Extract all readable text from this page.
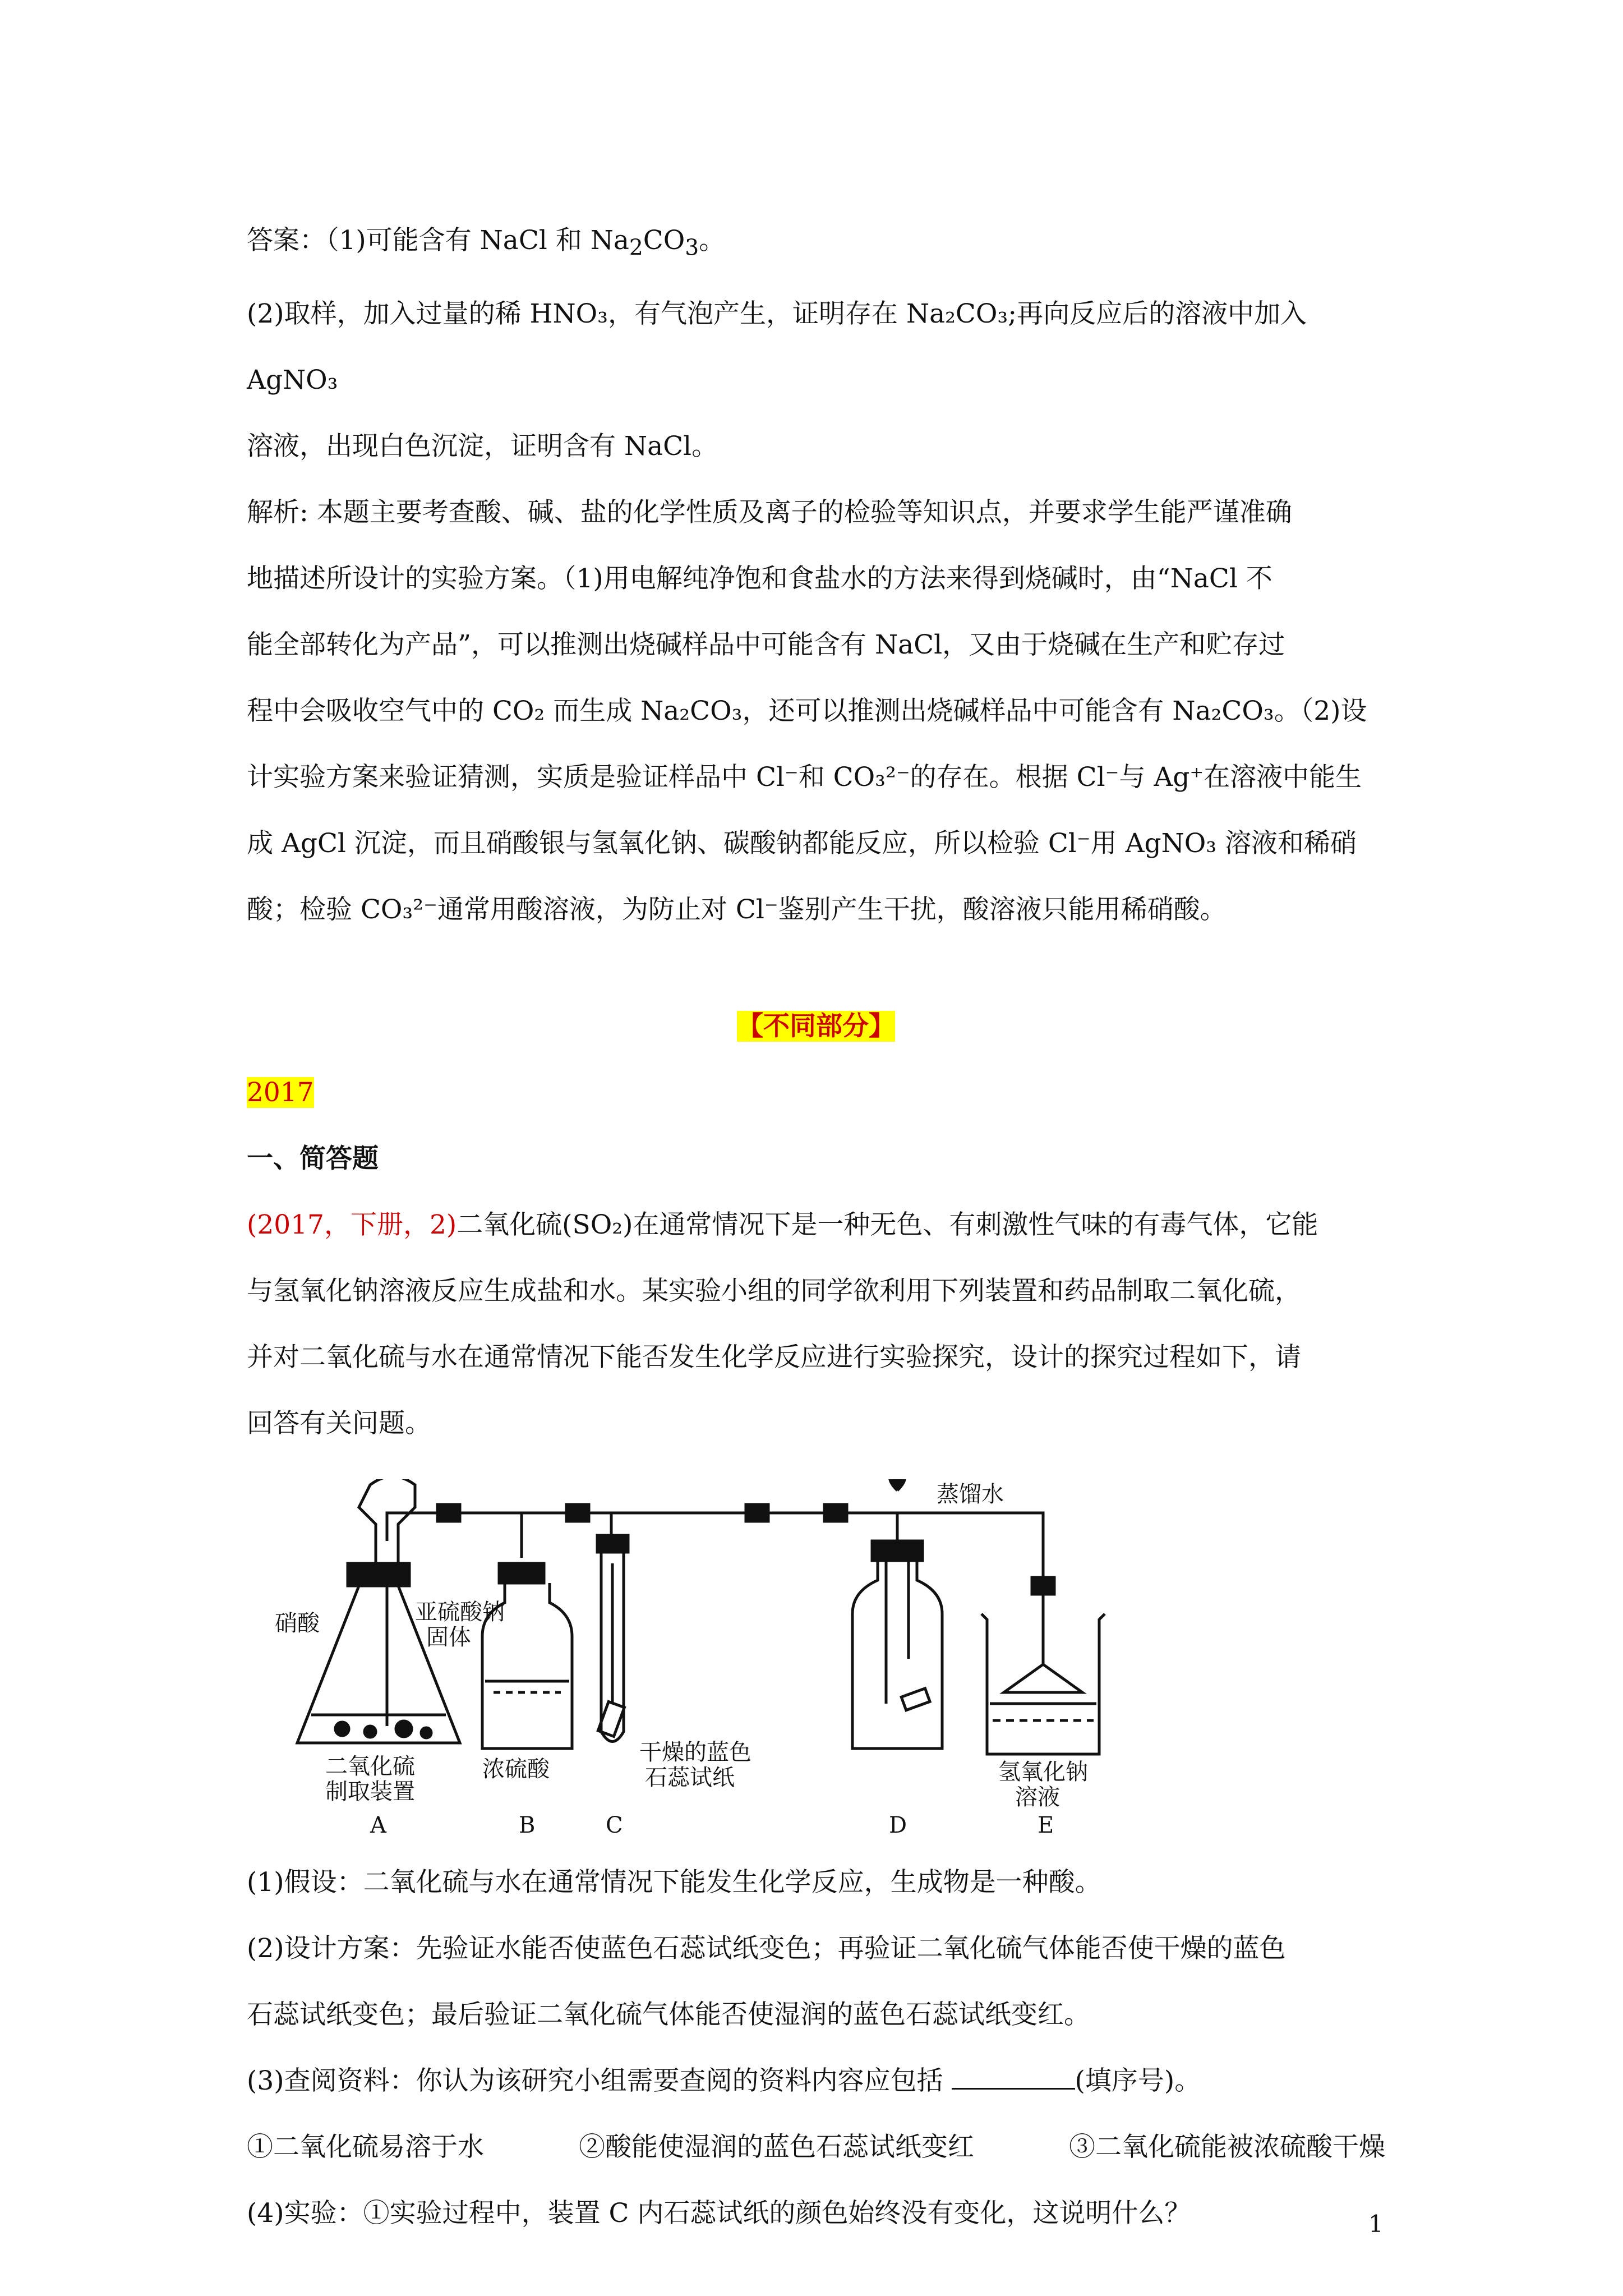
答案：（1)可能含有 NaCl 和 $Na_2CO_3$。

(2)取样，加入过量的稀 HNO₃，有气泡产生，证明存在 Na₂CO₃;再向反应后的溶液中加入 AgNO₃

溶液，出现白色沉淀，证明含有 NaCl。

解析: 本题主要考查酸、碱、盐的化学性质及离子的检验等知识点，并要求学生能严谨准确

地描述所设计的实验方案。（1)用电解纯净饱和食盐水的方法来得到烧碱时，由“NaCl 不

能全部转化为产品”，可以推测出烧碱样品中可能含有 NaCl，又由于烧碱在生产和贮存过

程中会吸收空气中的 CO₂ 而生成 Na₂CO₃，还可以推测出烧碱样品中可能含有 Na₂CO₃。（2)设

计实验方案来验证猜测，实质是验证样品中 Cl⁻和 CO₃²⁻的存在。根据 Cl⁻与 Ag⁺在溶液中能生

成 AgCl 沉淀，而且硝酸银与氢氧化钠、碳酸钠都能反应，所以检验 Cl⁻用 AgNO₃ 溶液和稀硝

酸；检验 CO₃²⁻通常用酸溶液，为防止对 Cl⁻鉴别产生干扰，酸溶液只能用稀硝酸。

【不同部分】

2017

一、简答题

(2017，下册，2)二氧化硫(SO₂)在通常情况下是一种无色、有刺激性气味的有毒气体，它能

与氢氧化钠溶液反应生成盐和水。某实验小组的同学欲利用下列装置和药品制取二氧化硫，

并对二氧化硫与水在通常情况下能否发生化学反应进行实验探究，设计的探究过程如下，请

回答有关问题。

硝酸	亚硫酸钠
固体
二氧化硫
制取装置
浓硫酸
干燥的蓝色
石蕊试纸
蒸馏水
氢氧化钠
溶液
A	B	C	D	E

(1)假设：二氧化硫与水在通常情况下能发生化学反应，生成物是一种酸。

(2)设计方案：先验证水能否使蓝色石蕊试纸变色；再验证二氧化硫气体能否使干燥的蓝色

石蕊试纸变色；最后验证二氧化硫气体能否使湿润的蓝色石蕊试纸变红。

(3)查阅资料：你认为该研究小组需要查阅的资料内容应包括	(填序号)。

①二氧化硫易溶于水	②酸能使湿润的蓝色石蕊试纸变红	③二氧化硫能被浓硫酸干燥

(4)实验：①实验过程中，装置 C 内石蕊试纸的颜色始终没有变化，这说明什么？	1
